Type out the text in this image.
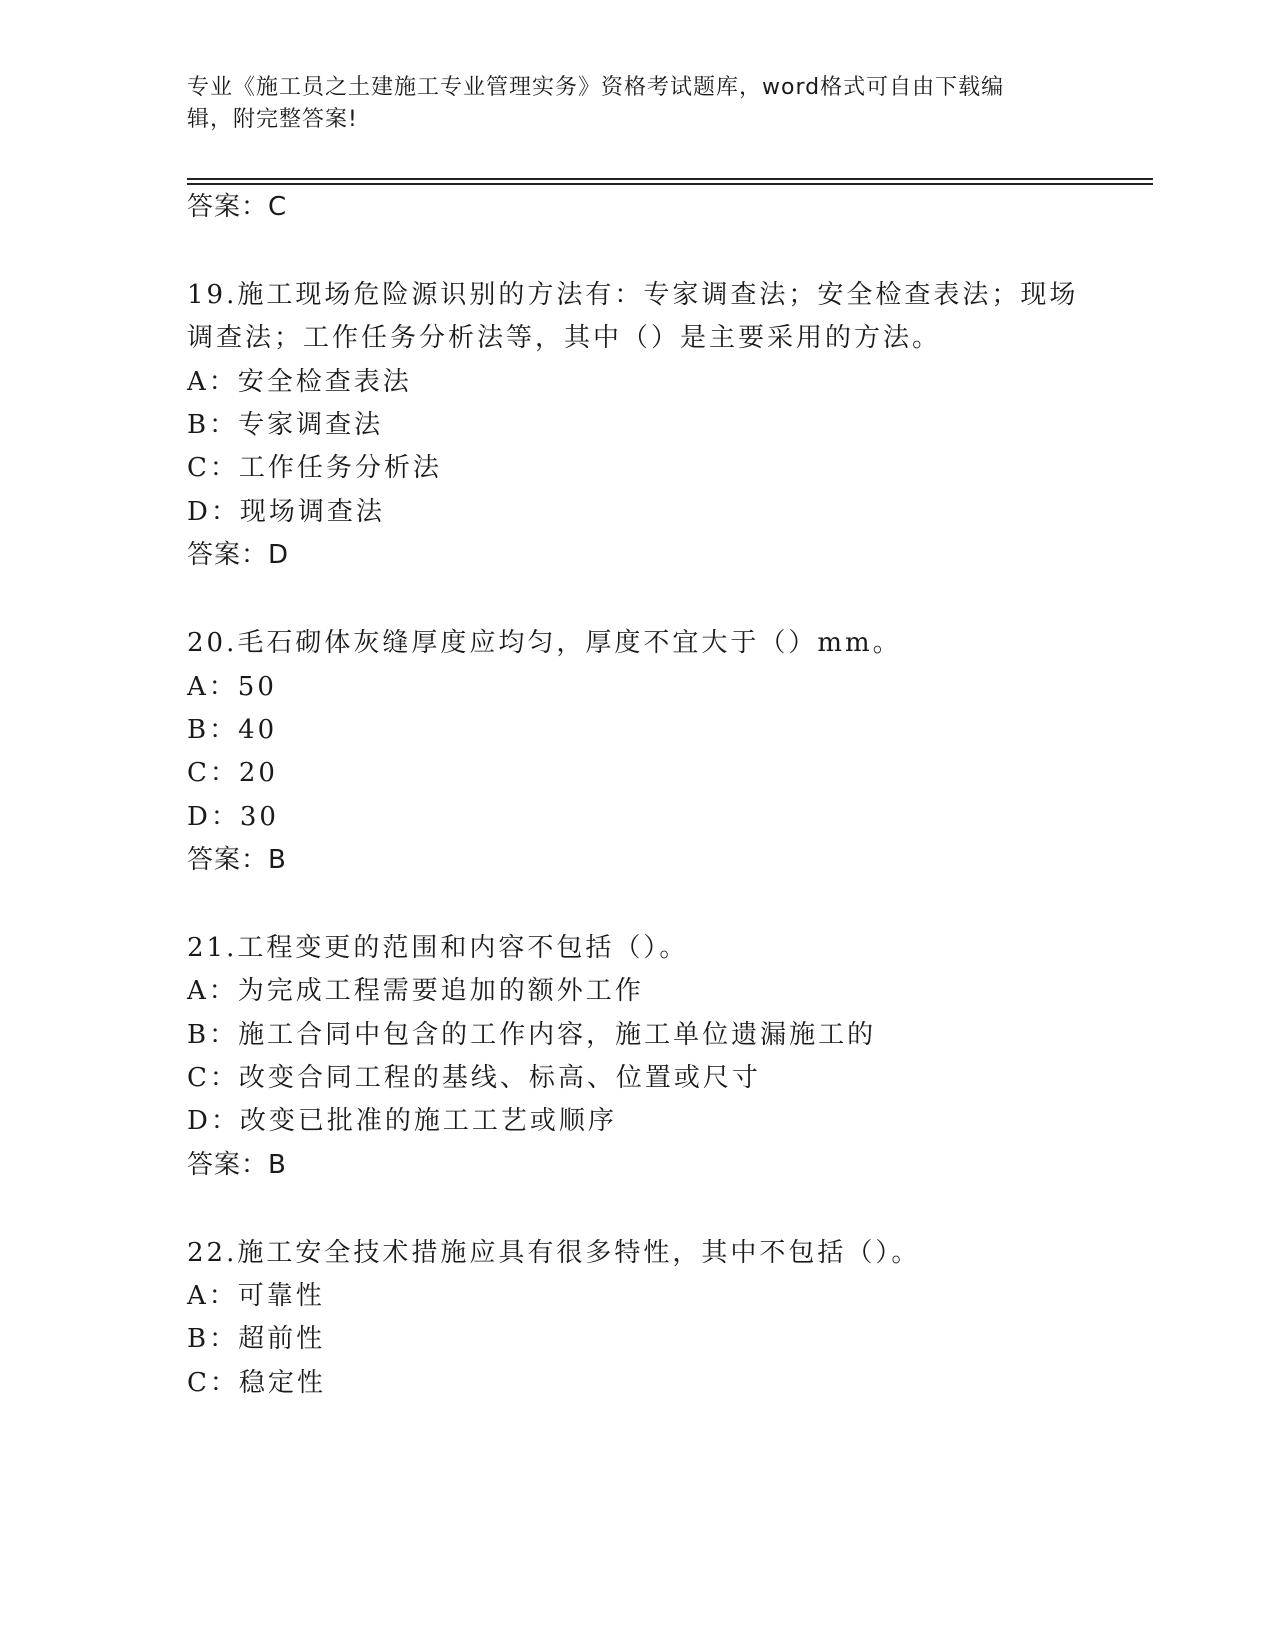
专业《施工员之土建施工专业管理实务》资格考试题库，word格式可自由下载编
辑，附完整答案!
答案：C
19.施工现场危险源识别的方法有：专家调查法；安全检查表法；现场
调查法；工作任务分析法等，其中（）是主要采用的方法。
A：安全检查表法
B：专家调查法
C：工作任务分析法
D：现场调查法
答案：D
20.毛石砌体灰缝厚度应均匀，厚度不宜大于（）mm。
A：50
B：40
C：20
D：30
答案：B
21.工程变更的范围和内容不包括（）。
A：为完成工程需要追加的额外工作
B：施工合同中包含的工作内容，施工单位遗漏施工的
C：改变合同工程的基线、标高、位置或尺寸
D：改变已批准的施工工艺或顺序
答案：B
22.施工安全技术措施应具有很多特性，其中不包括（）。
A：可靠性
B：超前性
C：稳定性
